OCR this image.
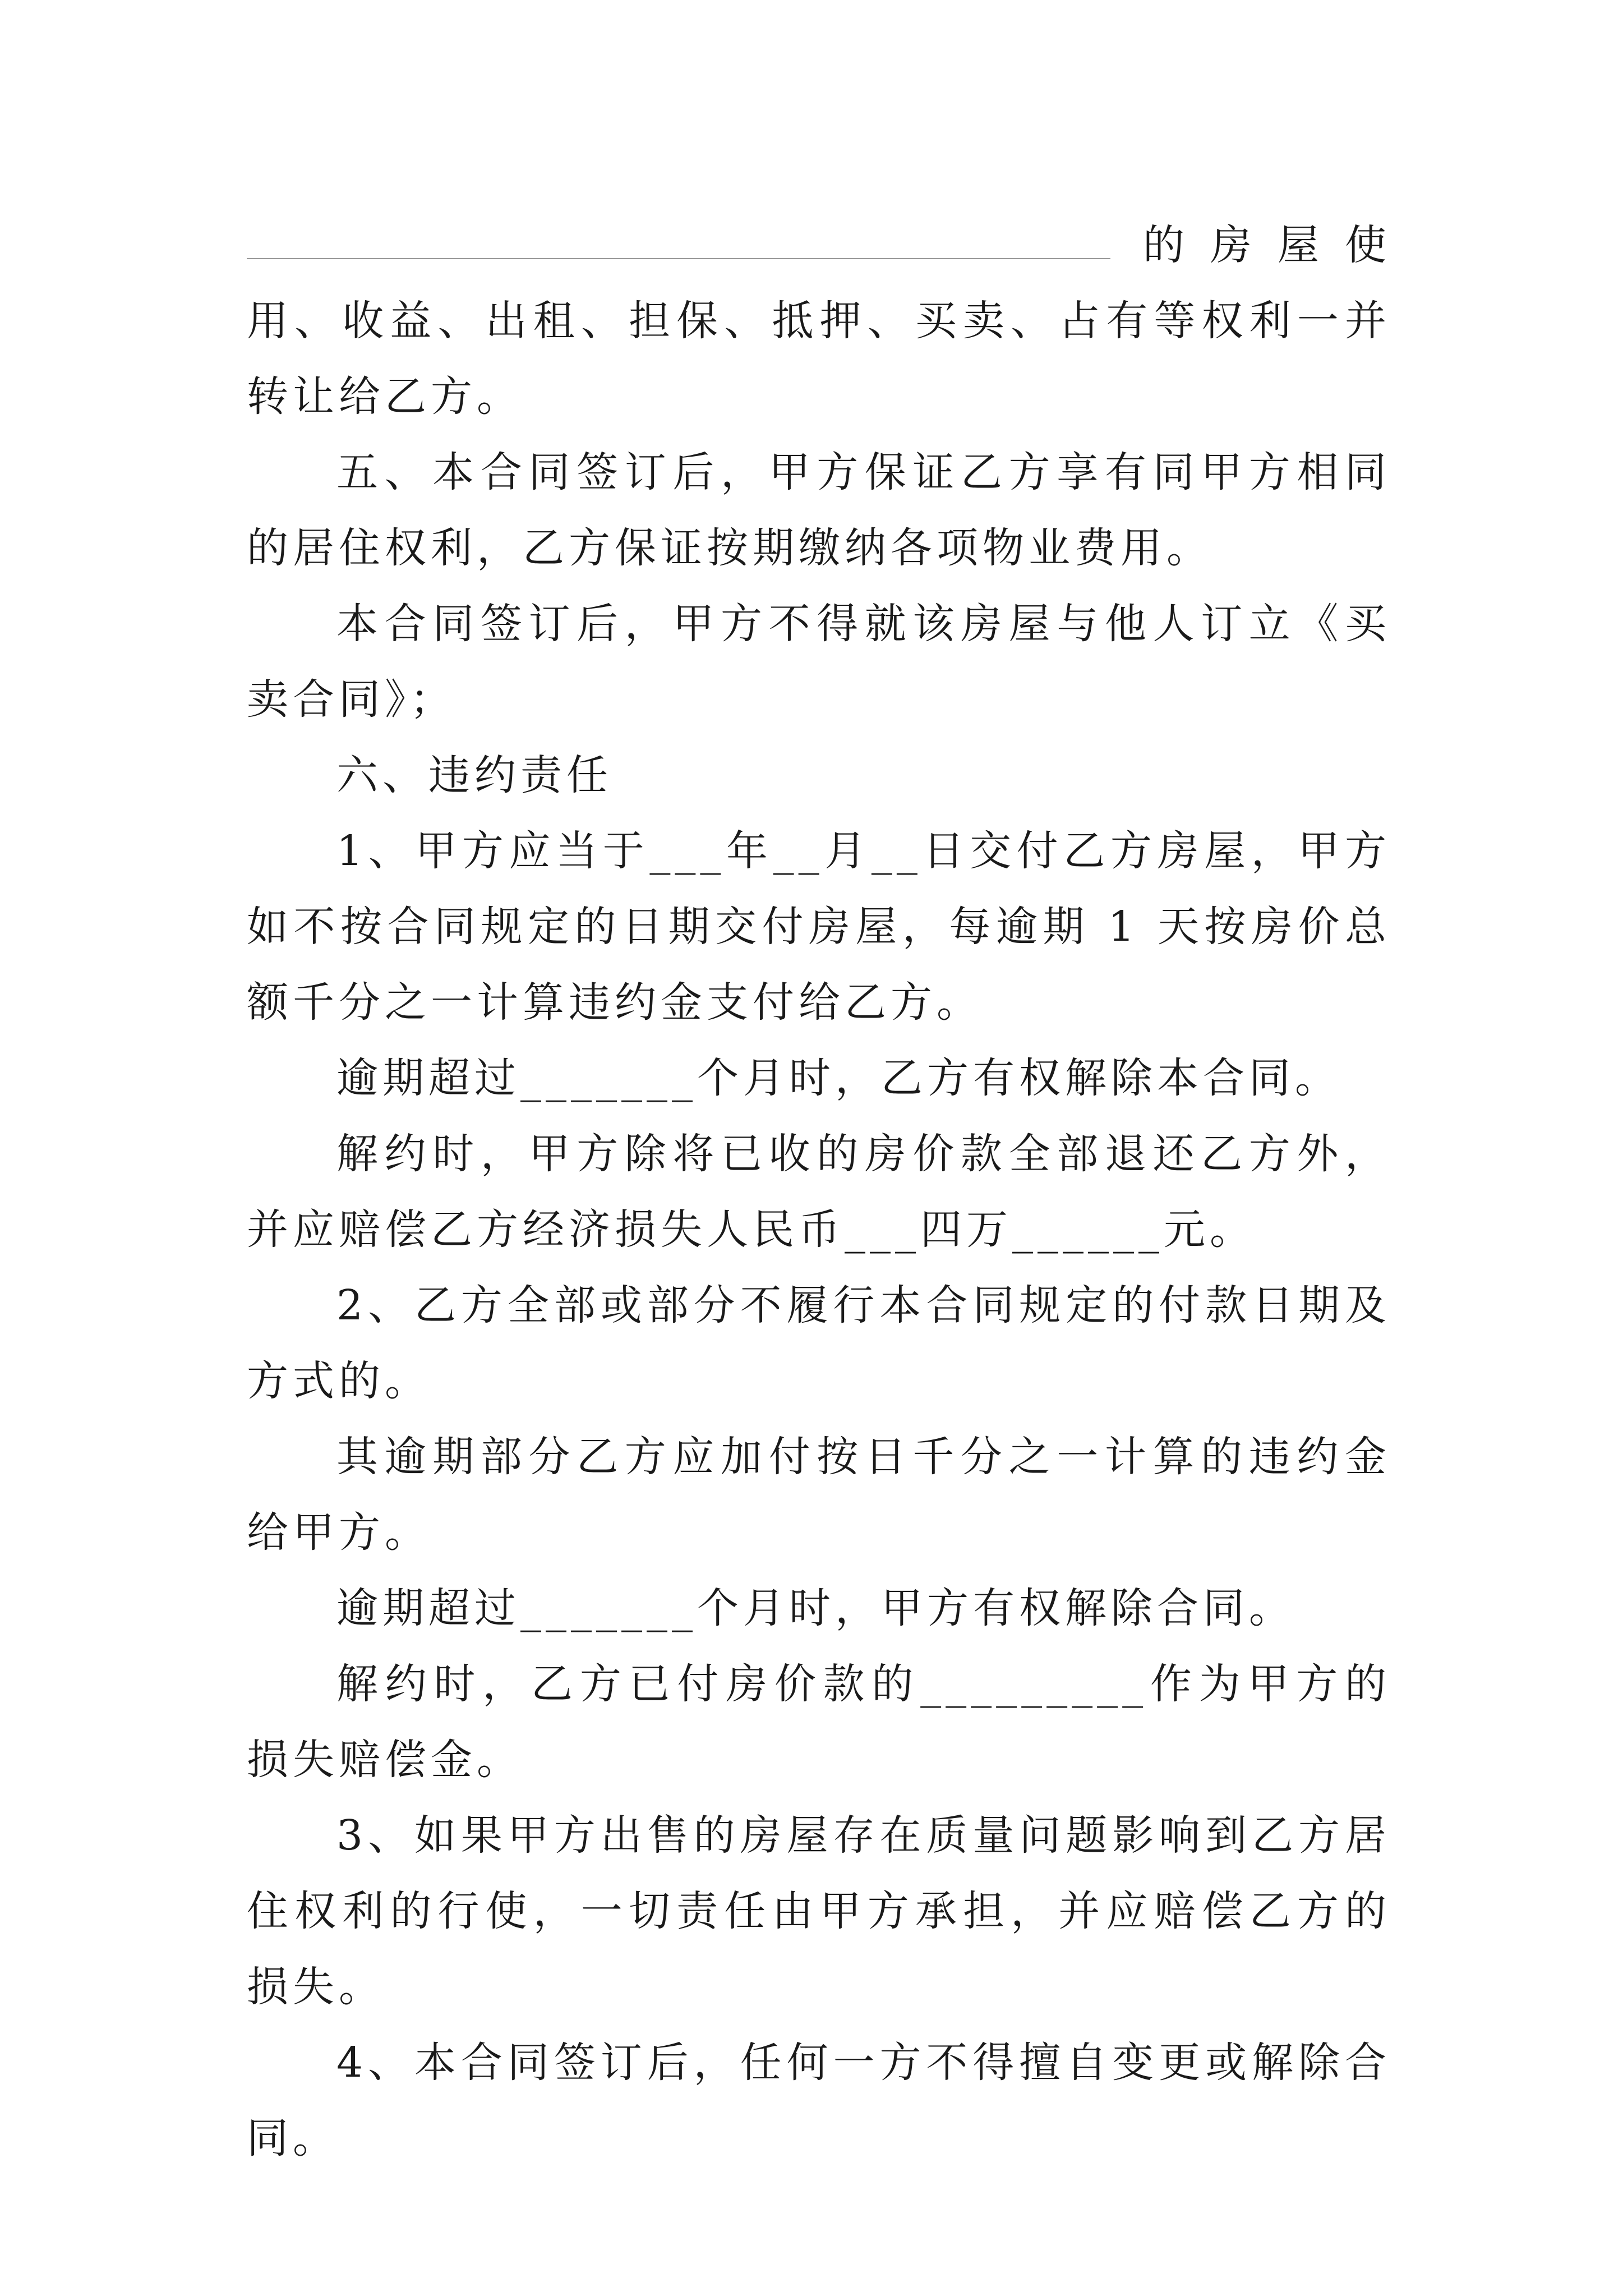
的房屋使用、收益、出租、担保、抵押、买卖、占有等权利一并转让给乙方。

五、本合同签订后，甲方保证乙方享有同甲方相同的居住权利，乙方保证按期缴纳各项物业费用。

本合同签订后，甲方不得就该房屋与他人订立《买卖合同》；

六、违约责任

1、甲方应当于___年__月__日交付乙方房屋，甲方如不按合同规定的日期交付房屋，每逾期 1 天按房价总额千分之一计算违约金支付给乙方。

逾期超过_______个月时，乙方有权解除本合同。

解约时，甲方除将已收的房价款全部退还乙方外，并应赔偿乙方经济损失人民币___四万______元。

2、乙方全部或部分不履行本合同规定的付款日期及方式的。

其逾期部分乙方应加付按日千分之一计算的违约金给甲方。

逾期超过_______个月时，甲方有权解除合同。

解约时，乙方已付房价款的_________作为甲方的损失赔偿金。

3、如果甲方出售的房屋存在质量问题影响到乙方居住权利的行使，一切责任由甲方承担，并应赔偿乙方的损失。

4、本合同签订后，任何一方不得擅自变更或解除合同。
